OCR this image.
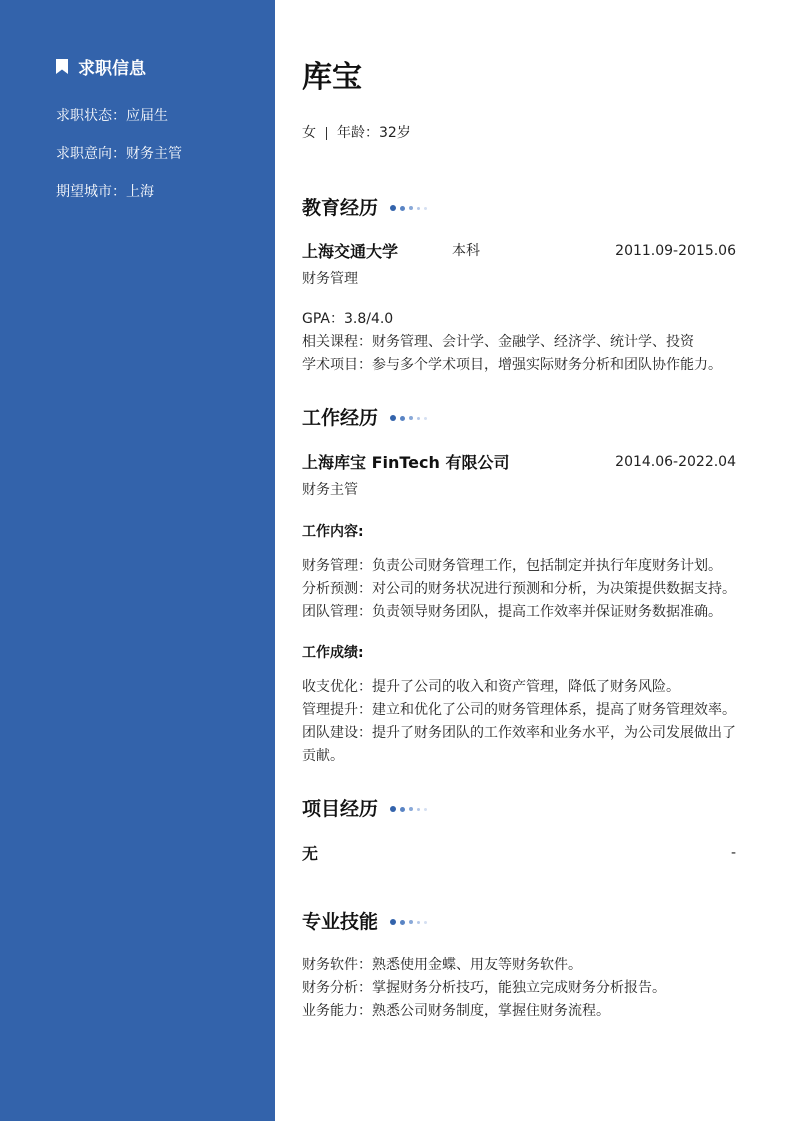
求职信息
求职状态：应届生
求职意向：财务主管
期望城市：上海
库宝
女 年龄：32岁
教育经历
上海交通大学	本科	2011.09-2015.06
财务管理
GPA：3.8/4.0
相关课程：财务管理、会计学、金融学、经济学、统计学、投资
学术项目：参与多个学术项目，增强实际财务分析和团队协作能力。
工作经历
上海库宝 FinTech 有限公司	2014.06-2022.04
财务主管
工作内容:
财务管理：负责公司财务管理工作，包括制定并执行年度财务计划。
分析预测：对公司的财务状况进行预测和分析，为决策提供数据支持。
团队管理：负责领导财务团队，提高工作效率并保证财务数据准确。
工作成绩:
收支优化：提升了公司的收入和资产管理，降低了财务风险。
管理提升：建立和优化了公司的财务管理体系，提高了财务管理效率。
团队建设：提升了财务团队的工作效率和业务水平，为公司发展做出了
贡献。
项目经历
无	-
专业技能
财务软件：熟悉使用金蝶、用友等财务软件。
财务分析：掌握财务分析技巧，能独立完成财务分析报告。
业务能力：熟悉公司财务制度，掌握住财务流程。
